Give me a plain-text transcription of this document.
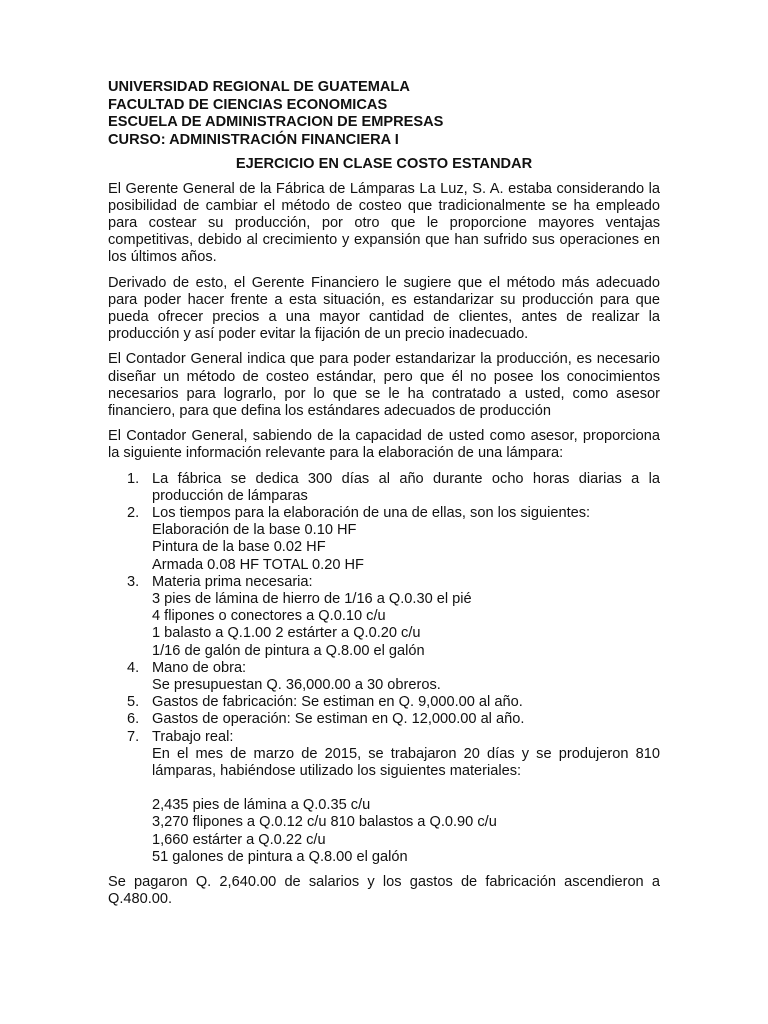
UNIVERSIDAD REGIONAL DE GUATEMALA
FACULTAD DE CIENCIAS ECONOMICAS
ESCUELA DE ADMINISTRACION DE EMPRESAS
CURSO: ADMINISTRACIÓN FINANCIERA I
EJERCICIO EN CLASE COSTO ESTANDAR

El Gerente General de la Fábrica de Lámparas La Luz, S. A. estaba considerando la posibilidad de cambiar el método de costeo que tradicionalmente se ha empleado para costear su producción, por otro que le proporcione mayores ventajas competitivas, debido al crecimiento y expansión que han sufrido sus operaciones en los últimos años.

Derivado de esto, el Gerente Financiero le sugiere que el método más adecuado para poder hacer frente a esta situación, es estandarizar su producción para que pueda ofrecer precios a una mayor cantidad de clientes, antes de realizar la producción y así poder evitar la fijación de un precio inadecuado.

El Contador General indica que para poder estandarizar la producción, es necesario diseñar un método de costeo estándar, pero que él no posee los conocimientos necesarios para lograrlo, por lo que se le ha contratado a usted, como asesor financiero, para que defina los estándares adecuados de producción

El Contador General, sabiendo de la capacidad de usted como asesor, proporciona la siguiente información relevante para la elaboración de una lámpara:

1. La fábrica se dedica 300 días al año durante ocho horas diarias a la producción de lámparas
2. Los tiempos para la elaboración de una de ellas, son los siguientes:
Elaboración de la base 0.10 HF
Pintura de la base 0.02 HF
Armada 0.08 HF TOTAL 0.20 HF
3. Materia prima necesaria:
3 pies de lámina de hierro de 1/16 a Q.0.30 el pié
4 flipones o conectores a Q.0.10 c/u
1 balasto a Q.1.00 2 estárter a Q.0.20 c/u
1/16 de galón de pintura a Q.8.00 el galón
4. Mano de obra:
Se presupuestan Q. 36,000.00 a 30 obreros.
5. Gastos de fabricación: Se estiman en Q. 9,000.00 al año.
6. Gastos de operación: Se estiman en Q. 12,000.00 al año.
7. Trabajo real:
En el mes de marzo de 2015, se trabajaron 20 días y se produjeron 810 lámparas, habiéndose utilizado los siguientes materiales:
2,435 pies de lámina a Q.0.35 c/u
3,270 flipones a Q.0.12 c/u 810 balastos a Q.0.90 c/u
1,660 estárter a Q.0.22 c/u
51 galones de pintura a Q.8.00 el galón

Se pagaron Q. 2,640.00 de salarios y los gastos de fabricación ascendieron a Q.480.00.
